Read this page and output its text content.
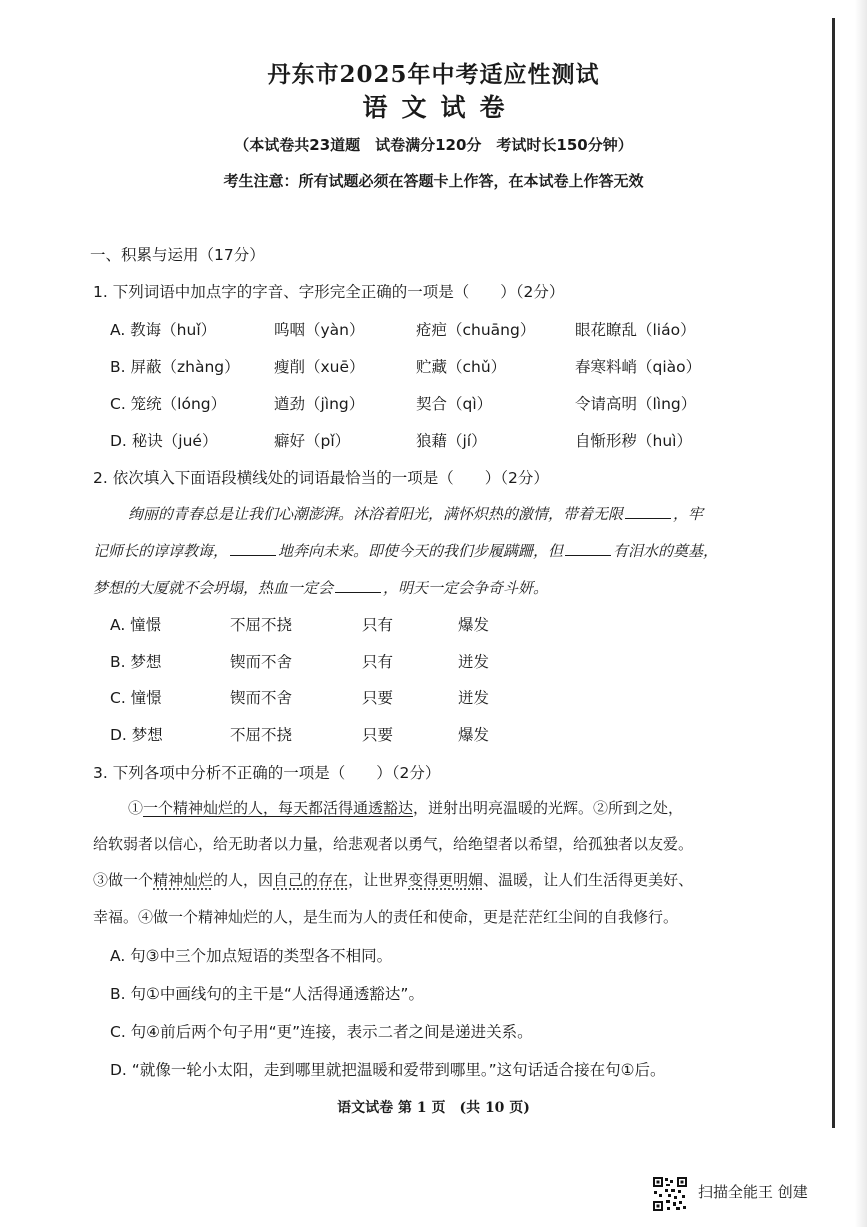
丹东市2025年中考适应性测试
语文试卷
（本试卷共23道题　试卷满分120分　考试时长150分钟）
考生注意：所有试题必须在答题卡上作答，在本试卷上作答无效
一、积累与运用（17分）
1. 下列词语中加点字的字音、字形完全正确的一项是（　　）（2分）
A. 教诲（huǐ）	呜咽（yàn）	疮疤（chuāng）	眼花瞭乱（liáo）
B. 屏蔽（zhàng） 瘦削（xuē）	贮藏（chǔ）	春寒料峭（qiào）
C. 笼统（lóng）	遒劲（jìng）	契合（qì）	令请高明（lìng）
D. 秘诀（jué）	癖好（pǐ）	狼藉（jí）	自惭形秽（huì）
2. 依次填入下面语段横线处的词语最恰当的一项是（　　）（2分）
绚丽的青春总是让我们心潮澎湃。沐浴着阳光，满怀炽热的激情，带着无限	，牢
记师长的谆谆教诲，	地奔向未来。即使今天的我们步履蹒跚，但	有泪水的奠基，
梦想的大厦就不会坍塌，热血一定会	，明天一定会争奇斗妍。
A. 憧憬	不屈不挠	只有	爆发
B. 梦想	锲而不舍	只有	迸发
C. 憧憬	锲而不舍	只要	迸发
D. 梦想	不屈不挠	只要	爆发
3. 下列各项中分析不正确的一项是（　　）（2分）
①一个精神灿烂的人，每天都活得通透豁达，迸射出明亮温暖的光辉。②所到之处，
给软弱者以信心，给无助者以力量，给悲观者以勇气，给绝望者以希望，给孤独者以友爱。
③做一个精神灿烂的人，因自己的存在，让世界变得更明媚、温暖，让人们生活得更美好、
幸福。④做一个精神灿烂的人，是生而为人的责任和使命，更是茫茫红尘间的自我修行。
A. 句③中三个加点短语的类型各不相同。
B. 句①中画线句的主干是“人活得通透豁达”。
C. 句④前后两个句子用“更”连接，表示二者之间是递进关系。
D. “就像一轮小太阳，走到哪里就把温暖和爱带到哪里。”这句话适合接在句①后。
语文试卷 第 1 页　(共 10 页)
扫描全能王 创建
